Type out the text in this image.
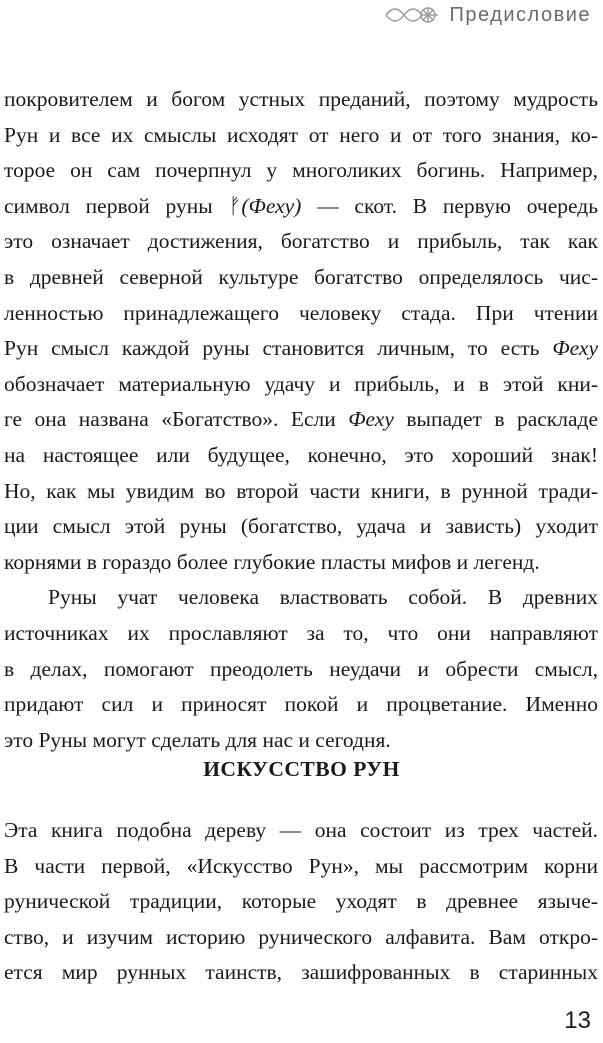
Предисловие

покровителем и богом устных преданий, поэтому мудрость

Рун и все их смыслы исходят от него и от того знания, ко-

торое он сам почерпнул у многоликих богинь. Например,

символ первой руны ᚠ(Феху) — скот. В первую очередь

это означает достижения, богатство и прибыль, так как

в древней северной культуре богатство определялось чис-

ленностью принадлежащего человеку стада. При чтении

Рун смысл каждой руны становится личным, то есть Феху

обозначает материальную удачу и прибыль, и в этой кни-

ге она названа «Богатство». Если Феху выпадет в раскладе

на настоящее или будущее, конечно, это хороший знак!

Но, как мы увидим во второй части книги, в рунной тради-

ции смысл этой руны (богатство, удача и зависть) уходит

корнями в гораздо более глубокие пласты мифов и легенд.

Руны учат человека властвовать собой. В древних

источниках их прославляют за то, что они направляют

в делах, помогают преодолеть неудачи и обрести смысл,

придают сил и приносят покой и процветание. Именно

это Руны могут сделать для нас и сегодня.

ИСКУССТВО РУН

Эта книга подобна дереву — она состоит из трех частей.

В части первой, «Искусство Рун», мы рассмотрим корни

рунической традиции, которые уходят в древнее язычe-

ство, и изучим историю рунического алфавита. Вам откро-

ется мир рунных таинств, зашифрованных в старинных

13
